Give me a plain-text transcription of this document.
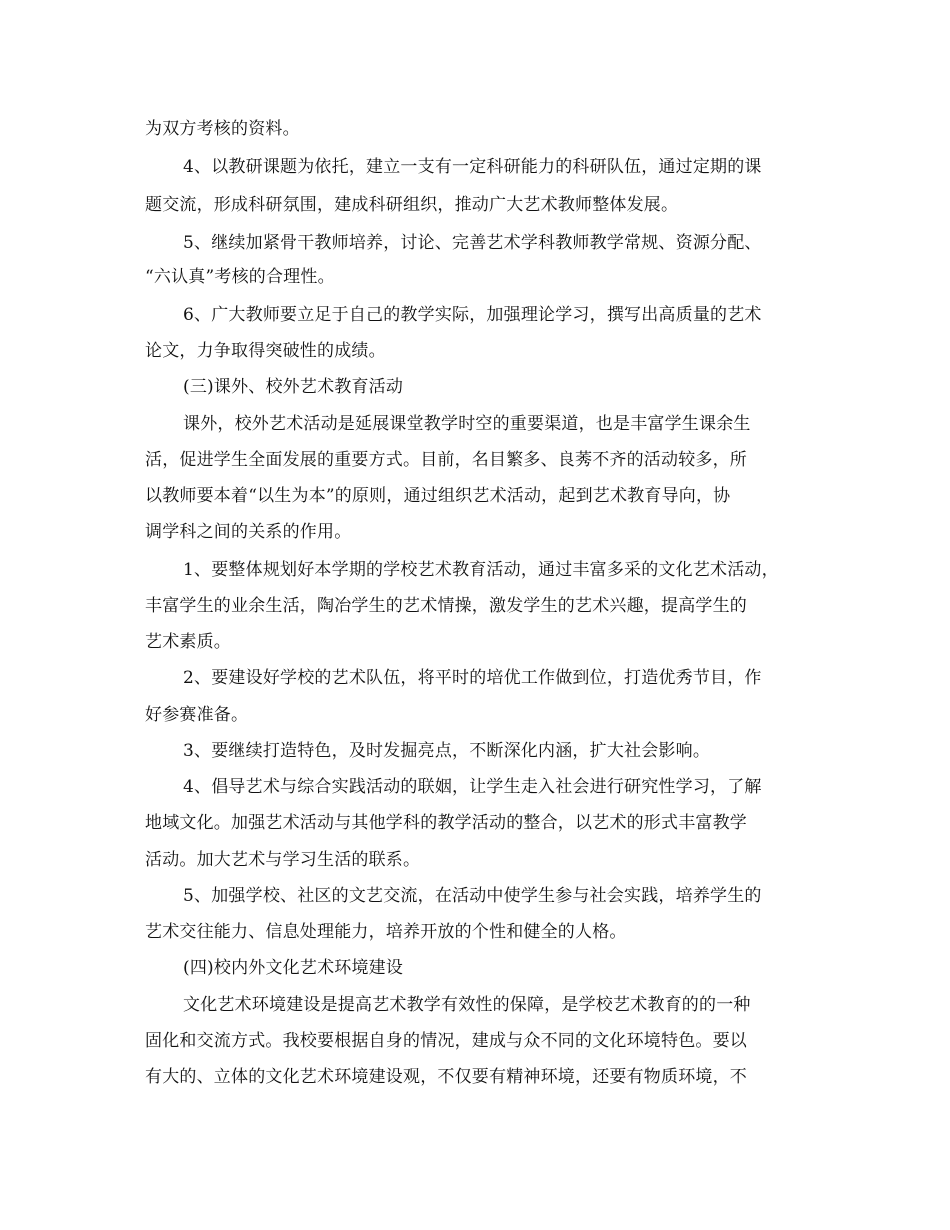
为双方考核的资料。
4、以教研课题为依托，建立一支有一定科研能力的科研队伍，通过定期的课
题交流，形成科研氛围，建成科研组织，推动广大艺术教师整体发展。
5、继续加紧骨干教师培养，讨论、完善艺术学科教师教学常规、资源分配、
“六认真”考核的合理性。
6、广大教师要立足于自己的教学实际，加强理论学习，撰写出高质量的艺术
论文，力争取得突破性的成绩。
(三)课外、校外艺术教育活动
课外，校外艺术活动是延展课堂教学时空的重要渠道，也是丰富学生课余生
活，促进学生全面发展的重要方式。目前，名目繁多、良莠不齐的活动较多，所
以教师要本着“以生为本”的原则，通过组织艺术活动，起到艺术教育导向，协
调学科之间的关系的作用。
1、要整体规划好本学期的学校艺术教育活动，通过丰富多采的文化艺术活动，
丰富学生的业余生活，陶冶学生的艺术情操，激发学生的艺术兴趣，提高学生的
艺术素质。
2、要建设好学校的艺术队伍，将平时的培优工作做到位，打造优秀节目，作
好参赛准备。
3、要继续打造特色，及时发掘亮点，不断深化内涵，扩大社会影响。
4、倡导艺术与综合实践活动的联姻，让学生走入社会进行研究性学习，了解
地域文化。加强艺术活动与其他学科的教学活动的整合，以艺术的形式丰富教学
活动。加大艺术与学习生活的联系。
5、加强学校、社区的文艺交流，在活动中使学生参与社会实践，培养学生的
艺术交往能力、信息处理能力，培养开放的个性和健全的人格。
(四)校内外文化艺术环境建设
文化艺术环境建设是提高艺术教学有效性的保障，是学校艺术教育的的一种
固化和交流方式。我校要根据自身的情况，建成与众不同的文化环境特色。要以
有大的、立体的文化艺术环境建设观，不仅要有精神环境，还要有物质环境，不
